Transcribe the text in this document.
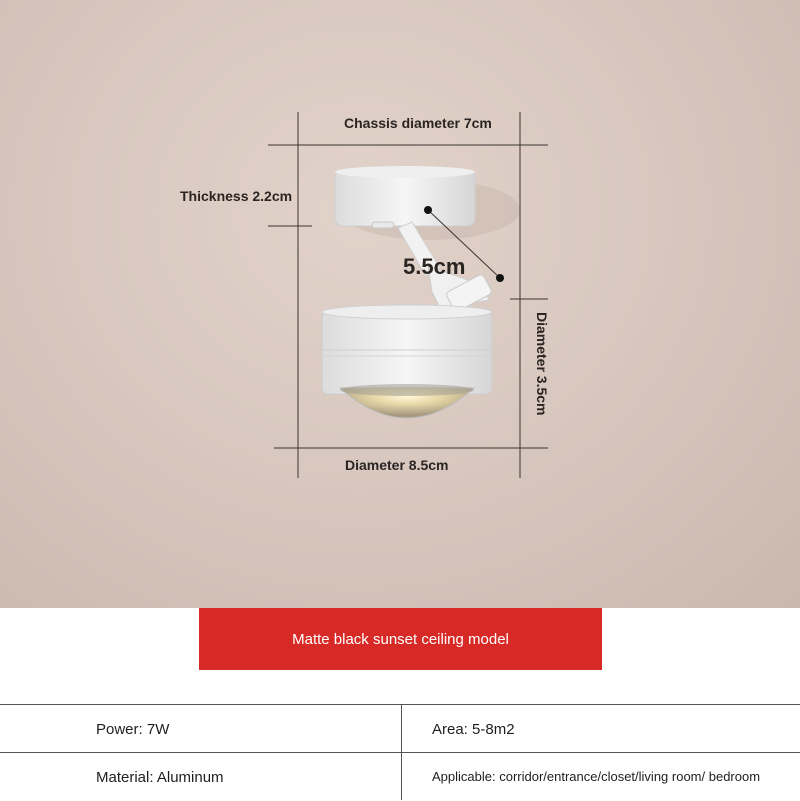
Chassis diameter 7cm
Thickness 2.2cm
5.5cm
Diameter 3.5cm
Diameter 8.5cm
Matte black sunset ceiling model
Power: 7W	Area: 5-8m2
Material: Aluminum	Applicable: corridor/entrance/closet/living room/ bedroom
